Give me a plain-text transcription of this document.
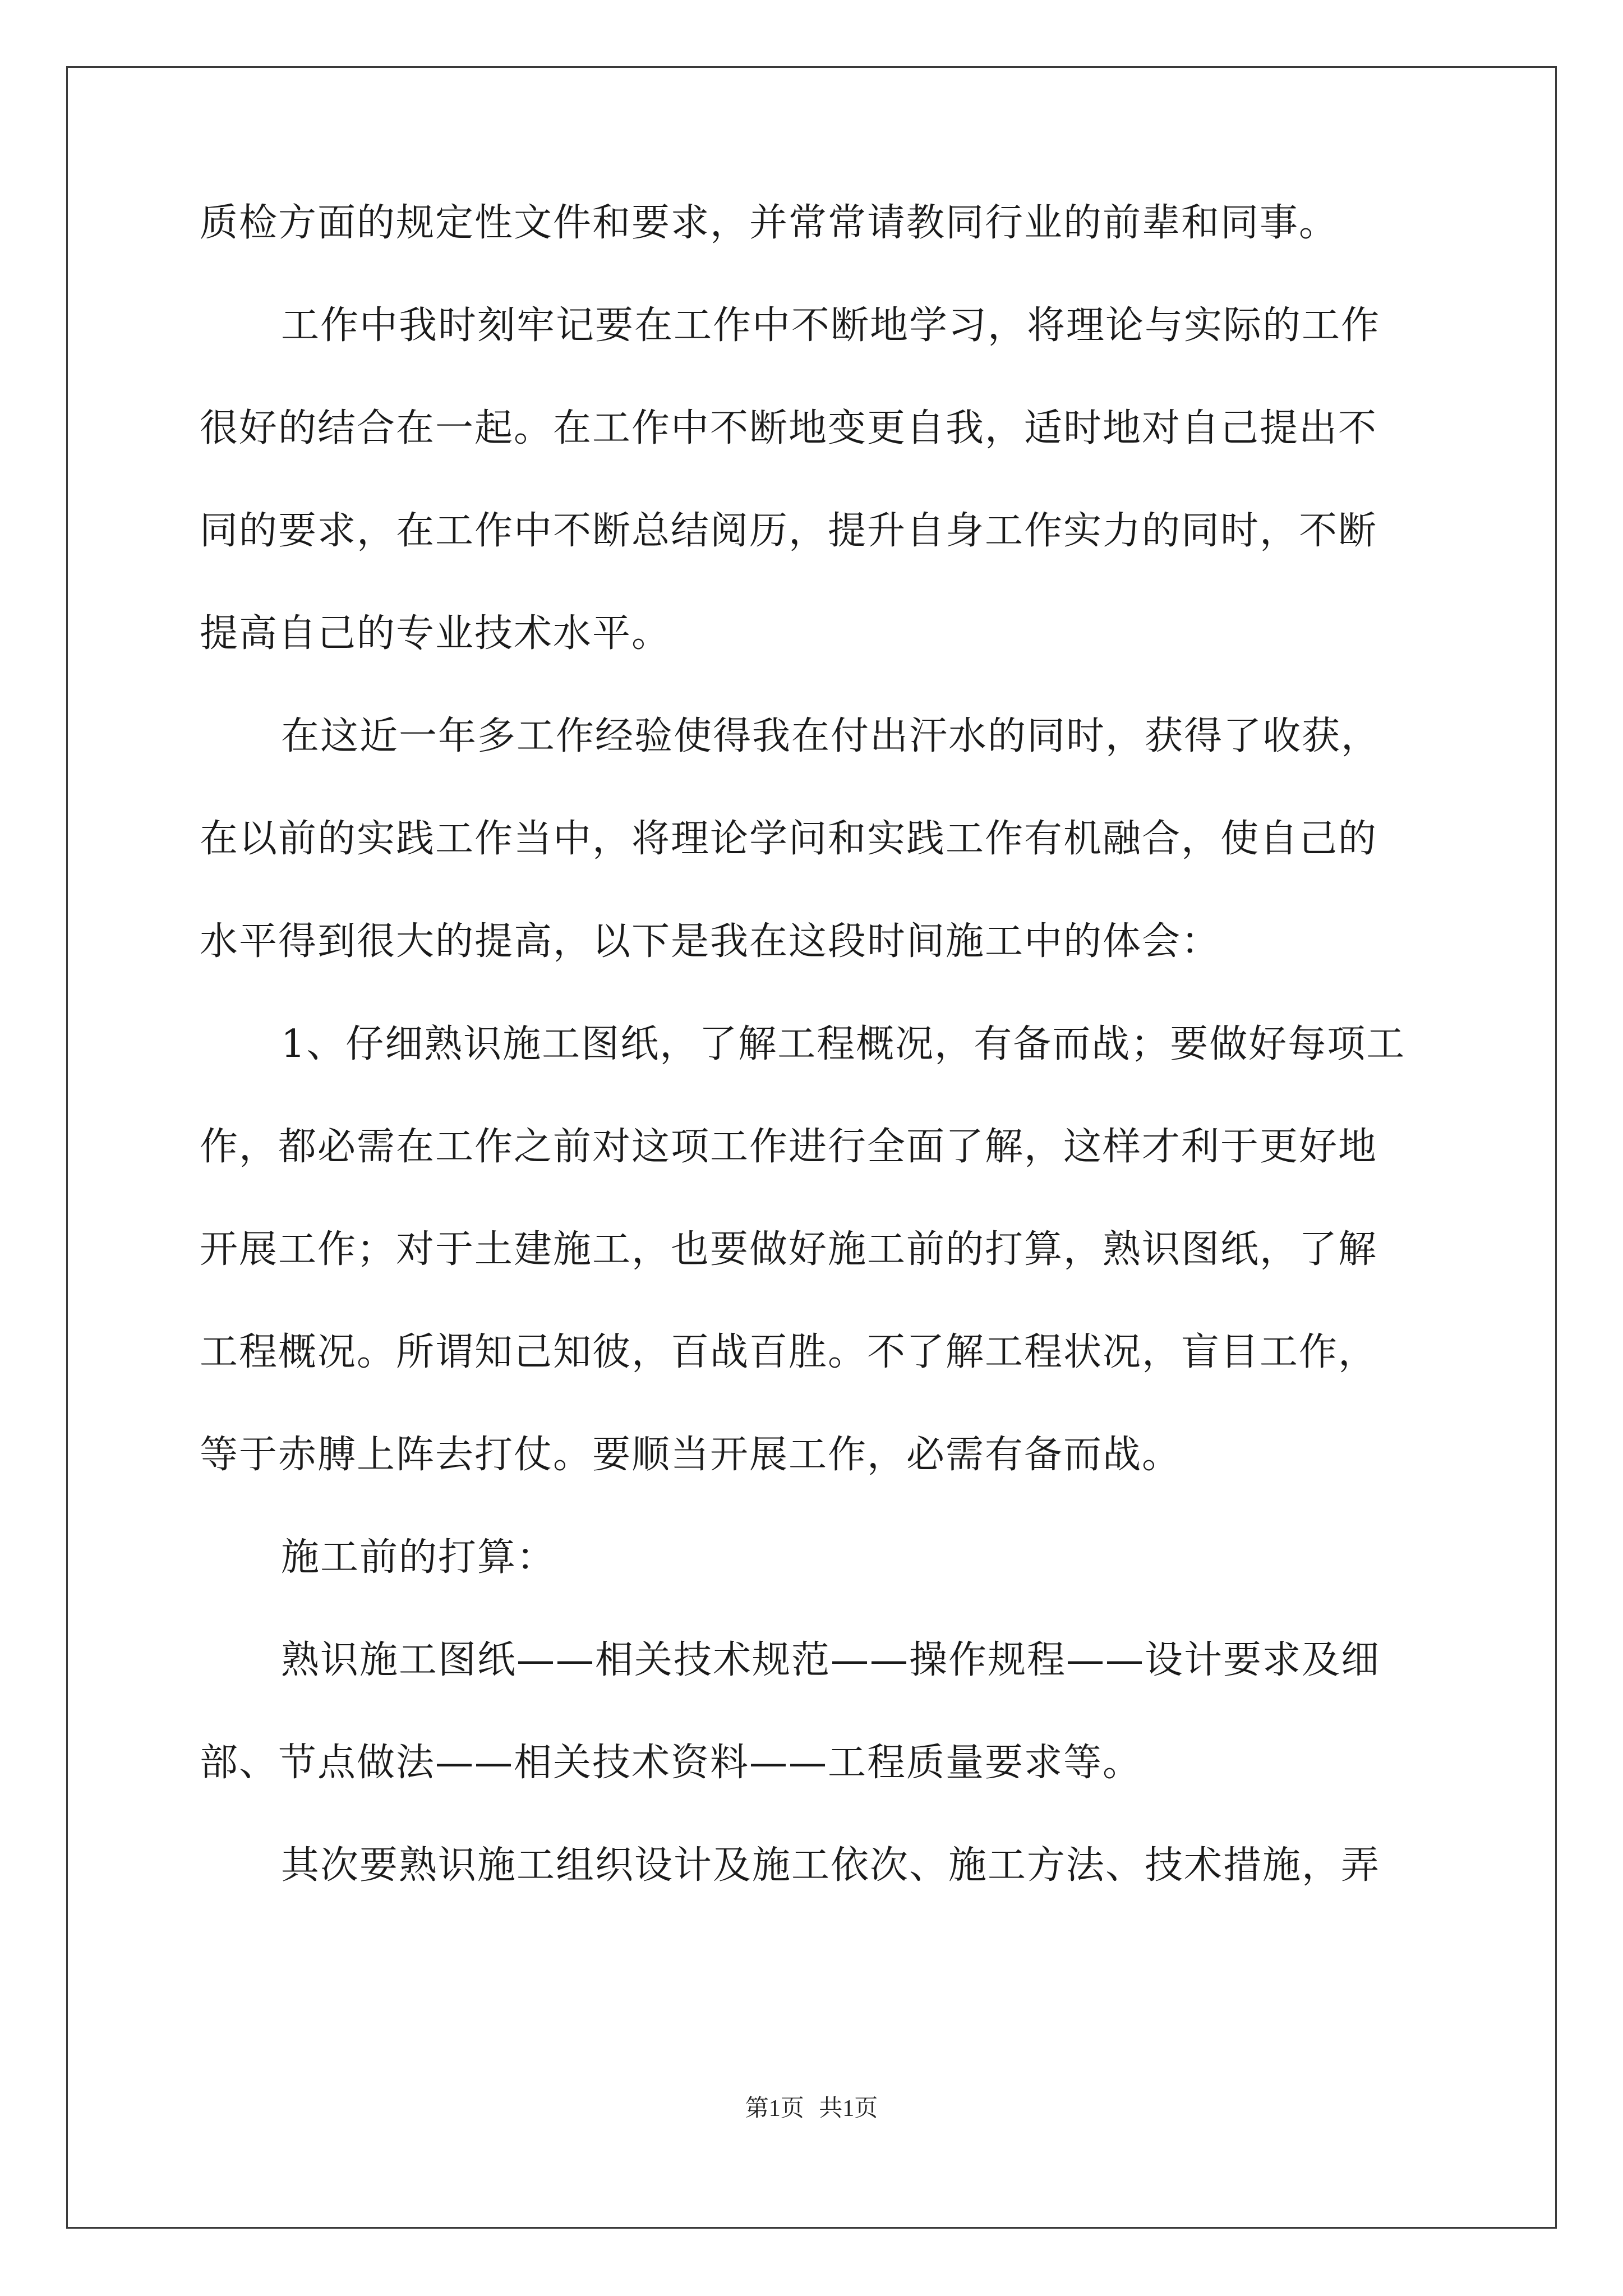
质检方面的规定性文件和要求，并常常请教同行业的前辈和同事。
工作中我时刻牢记要在工作中不断地学习，将理论与实际的工作
很好的结合在一起。在工作中不断地变更自我，适时地对自己提出不
同的要求，在工作中不断总结阅历，提升自身工作实力的同时，不断
提高自己的专业技术水平。
在这近一年多工作经验使得我在付出汗水的同时，获得了收获，
在以前的实践工作当中，将理论学问和实践工作有机融合，使自己的
水平得到很大的提高，以下是我在这段时间施工中的体会：
1、仔细熟识施工图纸，了解工程概况，有备而战；要做好每项工
作，都必需在工作之前对这项工作进行全面了解，这样才利于更好地
开展工作；对于土建施工，也要做好施工前的打算，熟识图纸，了解
工程概况。所谓知己知彼，百战百胜。不了解工程状况，盲目工作，
等于赤膊上阵去打仗。要顺当开展工作，必需有备而战。
施工前的打算：
熟识施工图纸——相关技术规范——操作规程——设计要求及细
部、节点做法——相关技术资料——工程质量要求等。
其次要熟识施工组织设计及施工依次、施工方法、技术措施，弄
第1页 共1页
